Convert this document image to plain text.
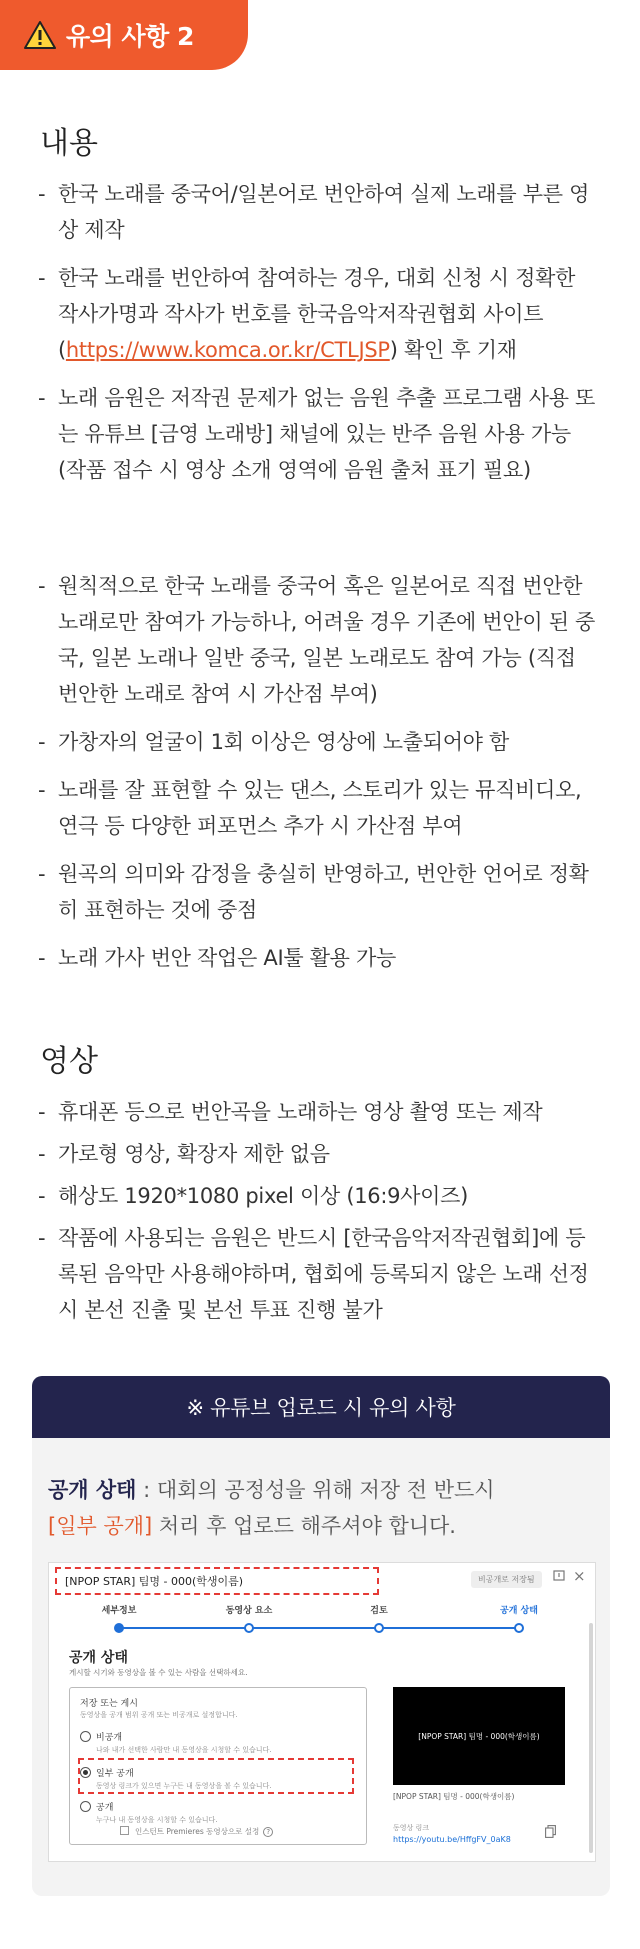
유의 사항 2
내용
- 한국 노래를 중국어/일본어로 번안하여 실제 노래를 부른 영상 제작
- 한국 노래를 번안하여 참여하는 경우, 대회 신청 시 정확한 작사가명과 작사가 번호를 한국음악저작권협회 사이트 (https://www.komca.or.kr/CTLJSP) 확인 후 기재
- 노래 음원은 저작권 문제가 없는 음원 추출 프로그램 사용 또는 유튜브 [금영 노래방] 채널에 있는 반주 음원 사용 가능 (작품 접수 시 영상 소개 영역에 음원 출처 표기 필요)
- 원칙적으로 한국 노래를 중국어 혹은 일본어로 직접 번안한 노래로만 참여가 가능하나, 어려울 경우 기존에 번안이 된 중국, 일본 노래나 일반 중국, 일본 노래로도 참여 가능 (직접 번안한 노래로 참여 시 가산점 부여)
- 가창자의 얼굴이 1회 이상은 영상에 노출되어야 함
- 노래를 잘 표현할 수 있는 댄스, 스토리가 있는 뮤직비디오, 연극 등 다양한 퍼포먼스 추가 시 가산점 부여
- 원곡의 의미와 감정을 충실히 반영하고, 번안한 언어로 정확히 표현하는 것에 중점
- 노래 가사 번안 작업은 AI툴 활용 가능
영상
- 휴대폰 등으로 번안곡을 노래하는 영상 촬영 또는 제작
- 가로형 영상, 확장자 제한 없음
- 해상도 1920*1080 pixel 이상 (16:9사이즈)
- 작품에 사용되는 음원은 반드시 [한국음악저작권협회]에 등록된 음악만 사용해야하며, 협회에 등록되지 않은 노래 선정 시 본선 진출 및 본선 투표 진행 불가
※ 유튜브 업로드 시 유의 사항
공개 상태 : 대회의 공정성을 위해 저장 전 반드시
[일부 공개] 처리 후 업로드 해주셔야 합니다.
[NPOP STAR] 팀명 - 000(학생이름)	비공개로 저장됨	×
세부정보	동영상 요소	검토	공개 상태
공개 상태
게시할 시기와 동영상을 볼 수 있는 사람을 선택하세요.
저장 또는 게시
동영상을 공개 범위 공개 또는 비공개로 설정합니다.
비공개
나와 내가 선택한 사람만 내 동영상을 시청할 수 있습니다.
일부 공개
동영상 링크가 있으면 누구든 내 동영상을 볼 수 있습니다.
공개
누구나 내 동영상을 시청할 수 있습니다.
인스턴트 Premieres 동영상으로 설정 ?
[NPOP STAR] 팀명 - 000(학생이름)
[NPOP STAR] 팀명 - 000(학생이름)
동영상 링크
https://youtu.be/HffgFV_0aK8
